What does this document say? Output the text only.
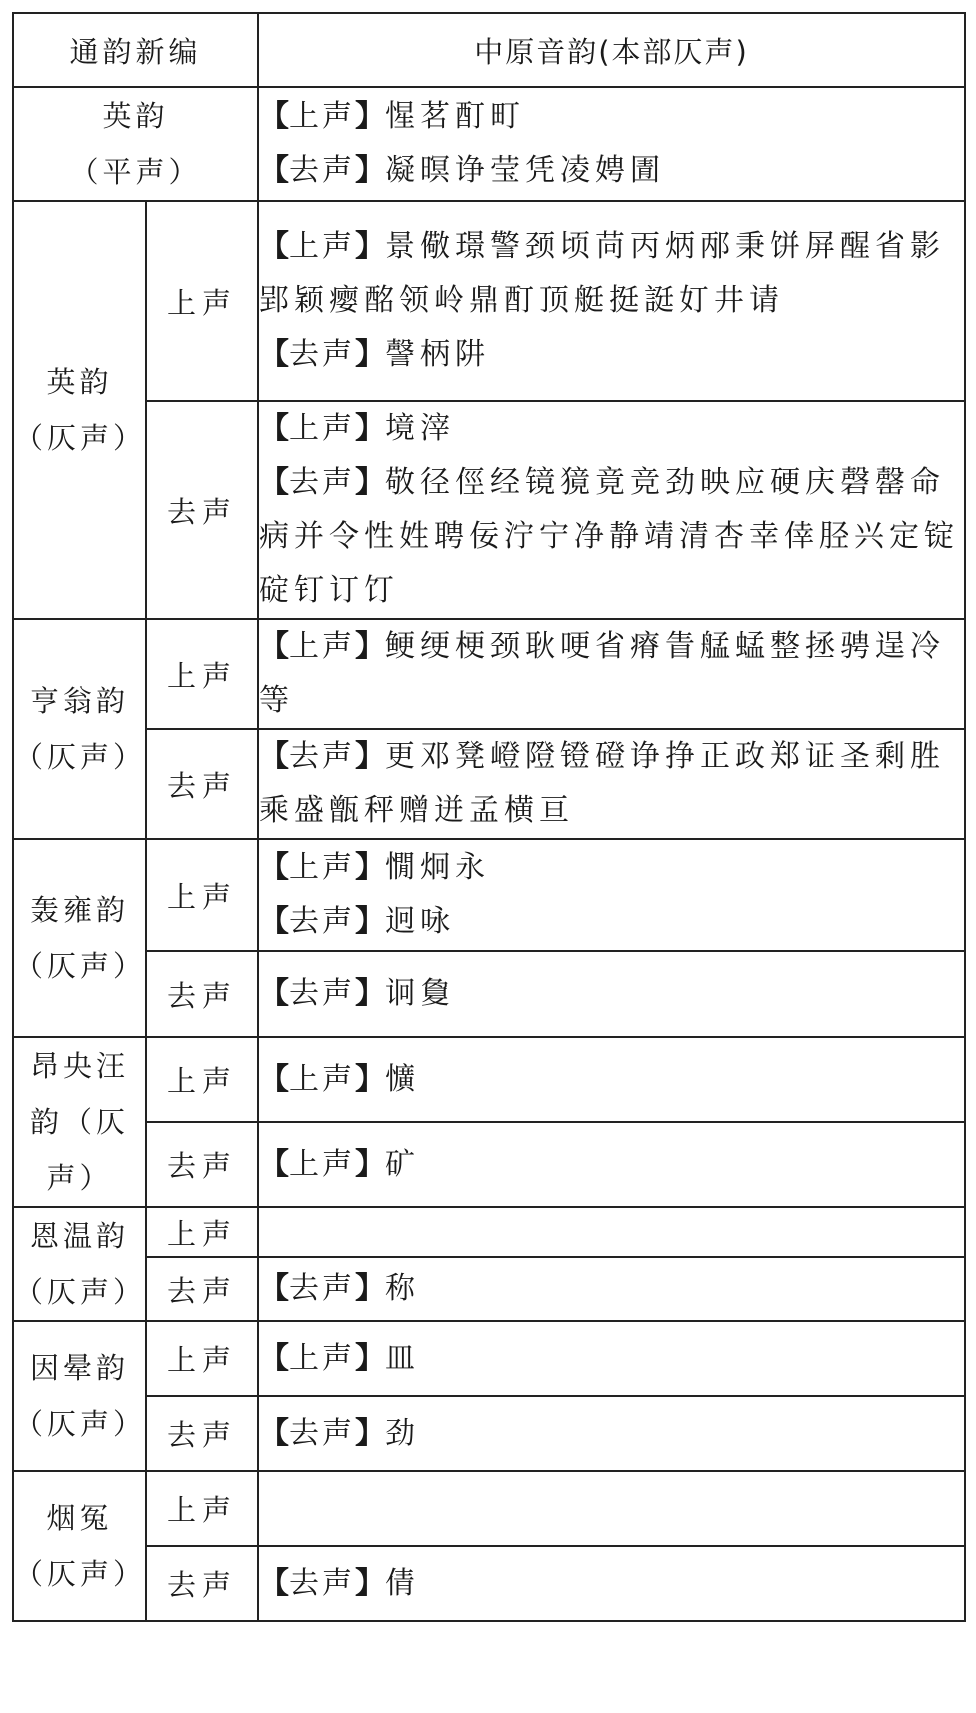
通韵新编		中原音韵(本部仄声)

英韵
（平声）		【上声】惺茗酊町
【去声】凝暝诤莹凭凌娉圊

英韵
（仄声）	上声	【上声】景儆璟警颈顷苘丙炳邴秉饼屏醒省影郢颖瘿酩领岭鼎酊顶艇挺誔奵井请
【去声】謦柄阱

	去声	【上声】境滓
【去声】敬径俓经镜獍竟竞劲映应硬庆磬罄命病并令性姓聘佞泞宁净静靖清杏幸倖胫兴定锭碇钉订饤

亨翁韵
（仄声）	上声	【上声】鲠绠梗颈耿哽省瘠眚艋蜢整拯骋逞冷等

	去声	【去声】更邓凳嶝隥镫磴诤挣正政郑证圣剩胜乘盛甑秤赠迸孟横亘

轰雍韵
（仄声）	上声	【上声】憪炯永
【去声】迥咏

	去声	【去声】诇敻

昂央汪
韵（仄声）	上声	【上声】懭

	去声	【上声】矿

恩温韵
（仄声）	上声	
	去声	【去声】称

因晕韵
（仄声）	上声	【上声】皿

	去声	【去声】劲

烟冤
（仄声）	上声	
	去声	【去声】倩
